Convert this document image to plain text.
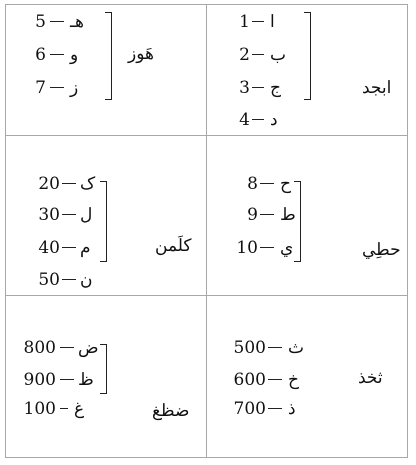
ابجد
1 ا
2 ب
3 ج
4 د
هَوز
5 هـ
6 و
7 ز
حطِي
8 ح
9 ط
10 ي
كلَمن
20 ک
30 ل
40 م
50 ن
ثخذ
500 ث
600 خ
700 ذ
ضظغ
800 ض
900 ظ
100 غ
